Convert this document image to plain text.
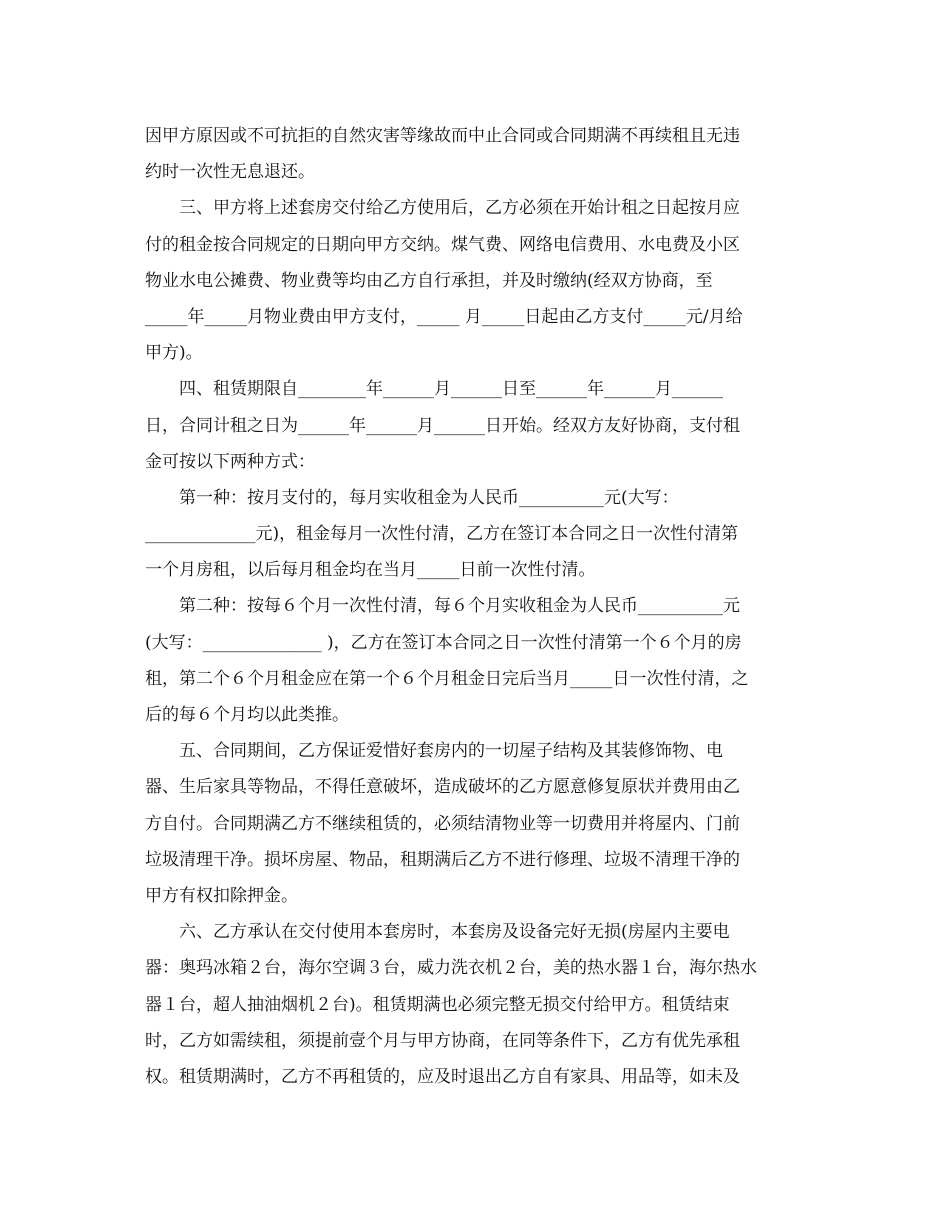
因甲方原因或不可抗拒的自然灾害等缘故而中止合同或合同期满不再续租且无违
约时一次性无息退还。
三、甲方将上述套房交付给乙方使用后，乙方必须在开始计租之日起按月应
付的租金按合同规定的日期向甲方交纳。煤气费、网络电信费用、水电费及小区
物业水电公摊费、物业费等均由乙方自行承担，并及时缴纳(经双方协商，至
_____年_____月物业费由甲方支付，_____ 月_____日起由乙方支付_____元/月给
甲方)。
四、租赁期限自________年______月______日至______年______月______
日，合同计租之日为______年______月______日开始。经双方友好协商，支付租
金可按以下两种方式：
第一种：按月支付的，每月实收租金为人民币__________元(大写：
_____________元)，租金每月一次性付清，乙方在签订本合同之日一次性付清第
一个月房租，以后每月租金均在当月_____日前一次性付清。
第二种：按每６个月一次性付清，每６个月实收租金为人民币__________元
(大写：______________ )，乙方在签订本合同之日一次性付清第一个６个月的房
租，第二个６个月租金应在第一个６个月租金日完后当月_____日一次性付清，之
后的每６个月均以此类推。
五、合同期间，乙方保证爱惜好套房内的一切屋子结构及其装修饰物、电
器、生后家具等物品，不得任意破坏，造成破坏的乙方愿意修复原状并费用由乙
方自付。合同期满乙方不继续租赁的，必须结清物业等一切费用并将屋内、门前
垃圾清理干净。损坏房屋、物品，租期满后乙方不进行修理、垃圾不清理干净的
甲方有权扣除押金。
六、乙方承认在交付使用本套房时，本套房及设备完好无损(房屋内主要电
器：奥玛冰箱２台，海尔空调３台，威力洗衣机２台，美的热水器１台，海尔热水
器１台，超人抽油烟机２台)。租赁期满也必须完整无损交付给甲方。租赁结束
时，乙方如需续租，须提前壹个月与甲方协商，在同等条件下，乙方有优先承租
权。租赁期满时，乙方不再租赁的，应及时退出乙方自有家具、用品等，如未及
